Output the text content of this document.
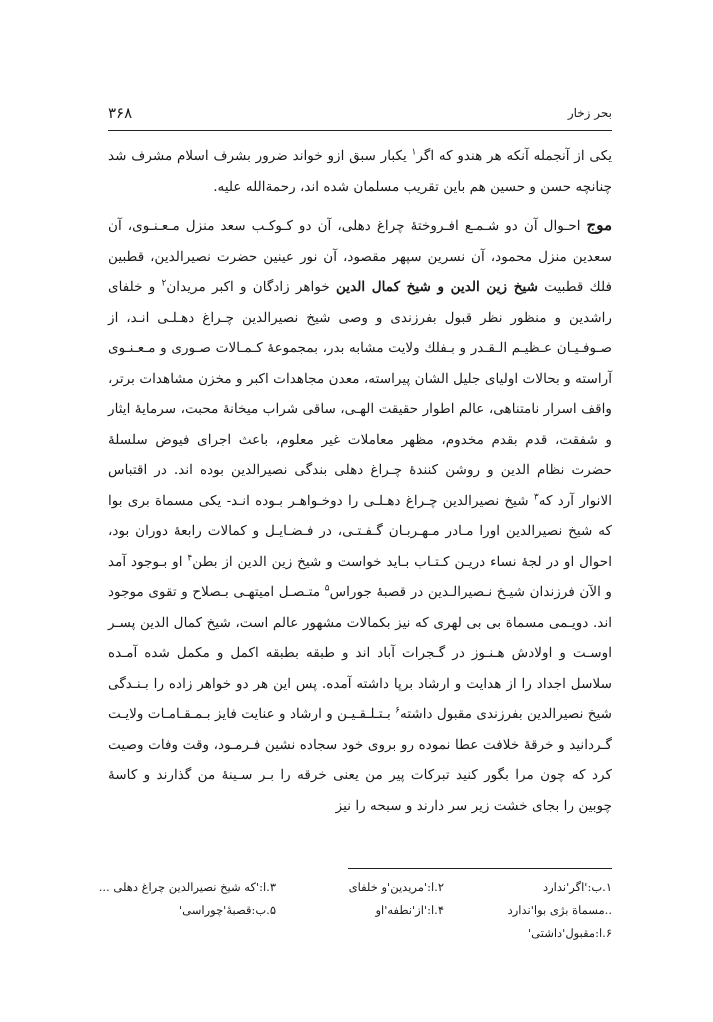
۳۶۸	بحر زخار

یکی از آنجمله آنکه هر هندو که اگر$^۱$ یکبار سبق ازو خواند ضرور بشرف اسلام مشرف شد چنانچه حسن و حسین هم باین تقریب مسلمان شده اند، رحمةالله علیه.

موج احـوال آن دو شـمـع افـروختهٔ چراغ دهلی، آن دو کـوکـب سعد منزل مـعـنـوی، آن سعدین منزل محمود، آن نسرین سپهر مقصود، آن نور عینین حضرت نصیرالدین، قطبین فلك قطبیت شیخ زین الدین و شیخ کمال الدین خواهر زادگان و اکبر مریدان$^۲$ و خلفای راشدین و منظور نظر قبول بفرزندی و وصی شیخ نصیرالدین چـراغ دهـلـی انـد، از صـوفـیـان عـظیـم الـقـدر و بـفلك ولایت مشابه بدر، بمجموعهٔ کـمـالات صـوری و مـعـنـوی آراسته و بحالات اولیای جلیل الشان پیراسته، معدن مجاهدات اکبر و مخزن مشاهدات برتر، واقف اسرار نامتناهی، عالم اطوار حقیقت الهـی، ساقی شراب میخانهٔ محبت، سرمایهٔ ایثار و شفقت، قدم بقدم مخدوم، مظهر معاملات غیر معلوم، باعث اجرای فیوض سلسلهٔ حضرت نظام الدین و روشن کنندهٔ چـراغ دهلی بندگی نصیرالدین بوده اند. در اقتباس الانوار آرد که$^۳$ شیخ نصیرالدین چـراغ دهـلـی را دوخـواهـر بـوده انـد- یکی مسماة بری بوا که شیخ نصیرالدین اورا مـادر مـهـربـان گـفـتـی، در فـضـایـل و کمالات رابعهٔ دوران بود، احوال او در لجهٔ نساء دریـن کـتـاب بـاید خواست و شیخ زین الدین از بطن$^۴$ او بـوجود آمد و الآن فرزندان شیـخ نـصیرالـدین در قصبهٔ جوراس$^۵$ متـصـل امیتهـی بـصلاح و تقوی موجود اند. دویـمی مسماة بی بی لهری که نیز بکمالات مشهور عالم است، شیخ کمال الدین پسـر اوسـت و اولادش هـنـوز در گـجرات آباد اند و طبقه بطبقه اکمل و مکمل شده آمـده سلاسل اجداد را از هدایت و ارشاد برپا داشته آمده. پس این هر دو خواهر زاده را بـنـدگی شیخ نصیرالدین بفرزندی مقبول داشته$^۶$ بـتـلـقـیـن و ارشاد و عنایت فایز بـمـقـامـات ولایـت گـردانید و خرقهٔ خلافت عطا نموده رو بروی خود سجاده نشین فـرمـود، وقت وفات وصیت کرد که چون مرا بگور کنید تبرکات پیر من یعنی خرقه را بـر سـینهٔ من گذارند و کاسهٔ چوبین را بجای خشت زیر سر دارند و سبحه را نیز

۱.ب:'اگر'ندارد
۲.ا:'مریدین'و خلفای
۳.ا:'که شیخ نصیرالدین چراغ دهلی ...
..مسماة بژی بوا'ندارد
۴.ا:'از'نطفه'او
۵.ب:قصبهٔ'چوراسی'
۶.ا:مقبول'داشتی'
